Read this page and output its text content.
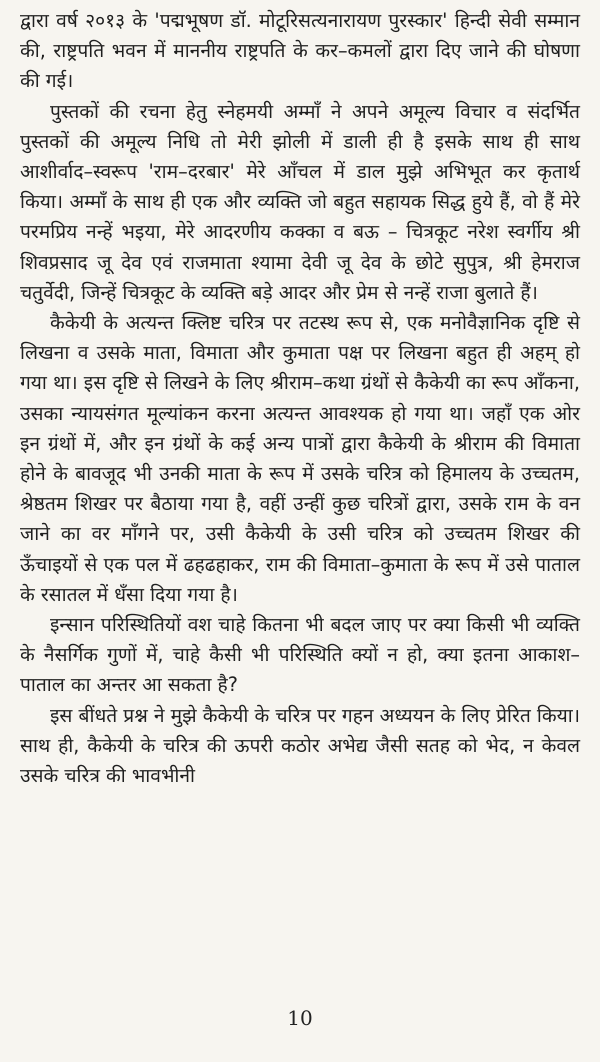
द्वारा वर्ष २०१३ के 'पद्मभूषण डॉ. मोटूरिसत्यनारायण पुरस्कार' हिन्दी सेवी सम्मान की, राष्ट्रपति भवन में माननीय राष्ट्रपति के कर–कमलों द्वारा दिए जाने की घोषणा की गई।

पुस्तकों की रचना हेतु स्नेहमयी अम्माँ ने अपने अमूल्य विचार व संदर्भित पुस्तकों की अमूल्य निधि तो मेरी झोली में डाली ही है इसके साथ ही साथ आशीर्वाद–स्वरूप 'राम–दरबार' मेरे आँचल में डाल मुझे अभिभूत कर कृतार्थ किया। अम्माँ के साथ ही एक और व्यक्ति जो बहुत सहायक सिद्ध हुये हैं, वो हैं मेरे परमप्रिय नन्हें भइया, मेरे आदरणीय कक्का व बऊ – चित्रकूट नरेश स्वर्गीय श्री शिवप्रसाद जू देव एवं राजमाता श्यामा देवी जू देव के छोटे सुपुत्र, श्री हेमराज चतुर्वेदी, जिन्हें चित्रकूट के व्यक्ति बड़े आदर और प्रेम से नन्हें राजा बुलाते हैं।

कैकेयी के अत्यन्त क्लिष्ट चरित्र पर तटस्थ रूप से, एक मनोवैज्ञानिक दृष्टि से लिखना व उसके माता, विमाता और कुमाता पक्ष पर लिखना बहुत ही अहम् हो गया था। इस दृष्टि से लिखने के लिए श्रीराम–कथा ग्रंथों से कैकेयी का रूप आँकना, उसका न्यायसंगत मूल्यांकन करना अत्यन्त आवश्यक हो गया था। जहाँ एक ओर इन ग्रंथों में, और इन ग्रंथों के कई अन्य पात्रों द्वारा कैकेयी के श्रीराम की विमाता होने के बावजूद भी उनकी माता के रूप में उसके चरित्र को हिमालय के उच्चतम, श्रेष्ठतम शिखर पर बैठाया गया है, वहीं उन्हीं कुछ चरित्रों द्वारा, उसके राम के वन जाने का वर माँगने पर, उसी कैकेयी के उसी चरित्र को उच्चतम शिखर की ऊँचाइयों से एक पल में ढहढहाकर, राम की विमाता–कुमाता के रूप में उसे पाताल के रसातल में धँसा दिया गया है।

इन्सान परिस्थितियों वश चाहे कितना भी बदल जाए पर क्या किसी भी व्यक्ति के नैसर्गिक गुणों में, चाहे कैसी भी परिस्थिति क्यों न हो, क्या इतना आकाश–पाताल का अन्तर आ सकता है?

इस बींधते प्रश्न ने मुझे कैकेयी के चरित्र पर गहन अध्ययन के लिए प्रेरित किया। साथ ही, कैकेयी के चरित्र की ऊपरी कठोर अभेद्य जैसी सतह को भेद, न केवल उसके चरित्र की भावभीनी

10
